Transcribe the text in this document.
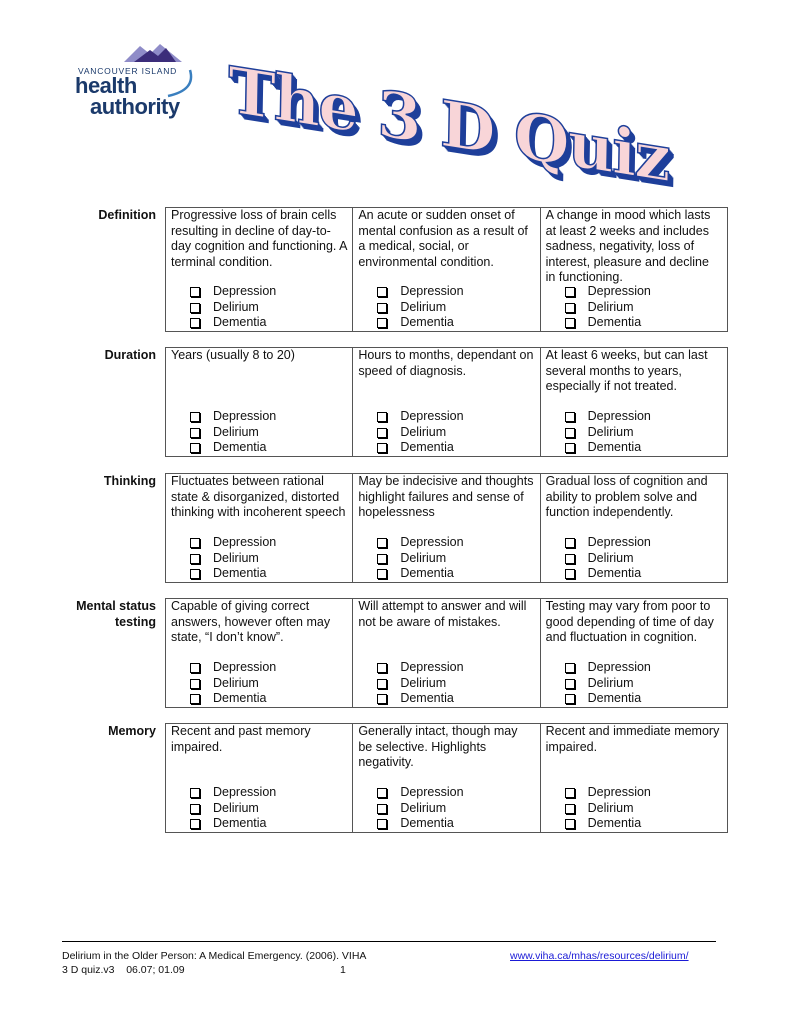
VANCOUVER ISLAND
health
authority The 3 D Quiz
Definition Progressive loss of brain cells resulting in decline of day-to-day cognition and functioning. A terminal condition.
Depression
Delirium
Dementia
An acute or sudden onset of mental confusion as a result of a medical, social, or environmental condition.
Depression
Delirium
Dementia
A change in mood which lasts at least 2 weeks and includes sadness, negativity, loss of interest, pleasure and decline in functioning.
Depression
Delirium
Dementia
Duration Years (usually 8 to 20)
Depression
Delirium
Dementia
Hours to months, dependant on speed of diagnosis.
Depression
Delirium
Dementia
At least 6 weeks, but can last several months to years, especially if not treated.
Depression
Delirium
Dementia
Thinking Fluctuates between rational state & disorganized, distorted thinking with incoherent speech
Depression
Delirium
Dementia
May be indecisive and thoughts highlight failures and sense of hopelessness
Depression
Delirium
Dementia
Gradual loss of cognition and ability to problem solve and function independently.
Depression
Delirium
Dementia
Mental status testing
Capable of giving correct answers, however often may state, “I don’t know”.
Depression
Delirium
Dementia
Will attempt to answer and will not be aware of mistakes.
Depression
Delirium
Dementia
Testing may vary from poor to good depending of time of day and fluctuation in cognition.
Depression
Delirium
Dementia
Memory Recent and past memory impaired.
Depression
Delirium
Dementia
Generally intact, though may be selective. Highlights negativity.
Depression
Delirium
Dementia
Recent and immediate memory impaired.
Depression
Delirium
Dementia
Delirium in the Older Person: A Medical Emergency. (2006). VIHA	www.viha.ca/mhas/resources/delirium/
3 D quiz.v3    06.07; 01.09	1
